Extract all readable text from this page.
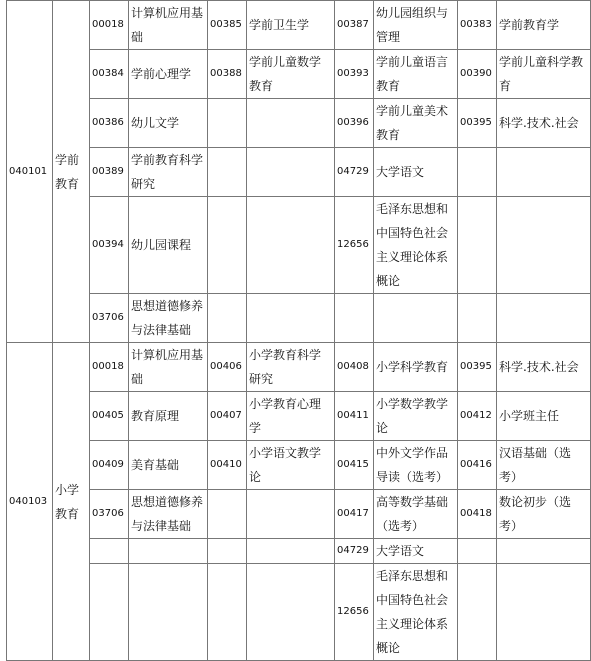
040101	学前教育	00018	计算机应用基础	00385	学前卫生学	00387	幼儿园组织与管理	00383	学前教育学
		00384	学前心理学	00388	学前儿童数学教育	00393	学前儿童语言教育	00390	学前儿童科学教育
		00386	幼儿文学			00396	学前儿童美术教育	00395	科学.技术.社会
		00389	学前教育科学研究			04729	大学语文		
		00394	幼儿园课程			12656	毛泽东思想和中国特色社会主义理论体系概论		
		03706	思想道德修养与法律基础						
040103	小学教育	00018	计算机应用基础	00406	小学教育科学研究	00408	小学科学教育	00395	科学.技术.社会
		00405	教育原理	00407	小学教育心理学	00411	小学数学教学论	00412	小学班主任
		00409	美育基础	00410	小学语文教学论	00415	中外文学作品导读（选考）	00416	汉语基础（选考）
		03706	思想道德修养与法律基础			00417	高等数学基础（选考）	00418	数论初步（选考）
						04729	大学语文		
						12656	毛泽东思想和中国特色社会主义理论体系概论		
